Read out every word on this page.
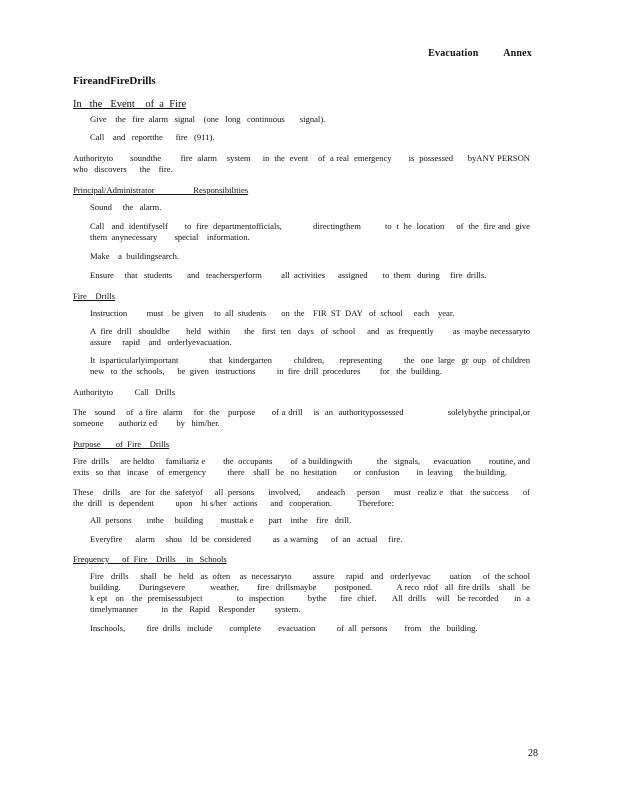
Evacuation Annex
FireandFireDrills
In   the   Event    of  a  Fire
Give    the   fire  alarm   signal    (one   long   continuous       signal).
Call    and   reportthe      fire   (911).

Authorityto       soundthe        fire  alarm    system     in  the  event    of  a real  emergency       is  possessed      byANY PERSON      who   discovers      the    fire.

Principal/Administrator                  Responsibilities
Sound     the   alarm.
Call   and  identifyself       to  fire  departmentofficials,             directingthem          to  t  he  location     of  the  fire and  give  them  anynecessary        special    information.
Make    a  buildingsearch.
Ensure     that   students       and   teachersperform         all  activities      assigned       to  them   during     fire  drills.
Fire    Drills
Instruction         must    be  given     to  all  students       on  the    FIR  ST  DAY   of  school     each    year.
A  fire  drill   shouldbe       held   within      the   first  ten   days   of  school     and   as  frequently        as  maybe necessaryto        assure     rapid    and   orderlyevacuation.
It  isparticularlyimportant              that   kindergarten          children,       representing          the   one  large   gr  oup   of children     new   to  the  schools,      be  given   instructions          in  fire  drill  procedures         for   the  building.
Authorityto          Call   Drills

The   sound    of  a fire  alarm    for  the   purpose      of a drill    is  an  authoritypossessed                solelybythe principal,or         someone       authoriz ed         by   him/her.

Purpose       of  Fire    Drills

Fire  drills     are heldto     familiariz e        the  occupants        of  a buildingwith           the   signals,      evacuation        routine, and   exits   so  that   incase    of  emergency          there    shall   be   no  hesitation        or  confusion        in  leaving     the building.

These    drills    are  for  the  safetyof     all  persons      involved,       andeach     person      must   realiz e   that   the success      of  the  drill   is  dependent          upon    hi s/her   actions      and   cooperation.            Therefore:

All  persons       inthe     building        musttak e       part    inthe    fire   drill.
Everyfire      alarm     shou    ld  be  considered          as  a warning      of  an   actual     fire.
Frequency      of  Fire    Drills     in   Schools
Fire   drills     shall   be   held   as  often    as  necessaryto         assure     rapid   and   orderlyevac        uation     of  the school     building.        Duringsevere           weather,        fire   drillsmaybe        postponed.           A reco  rdof   all  fire drills    shall   be  k ept   on   the  premisessubject             to  inspection         bythe     fire  chief.      All  drills    will   be recorded      in  a timelymanner           in  the   Rapid    Responder         system.
Inschools,          fire  drills   include        complete        evacuation          of  all  persons        from    the   building.
28
